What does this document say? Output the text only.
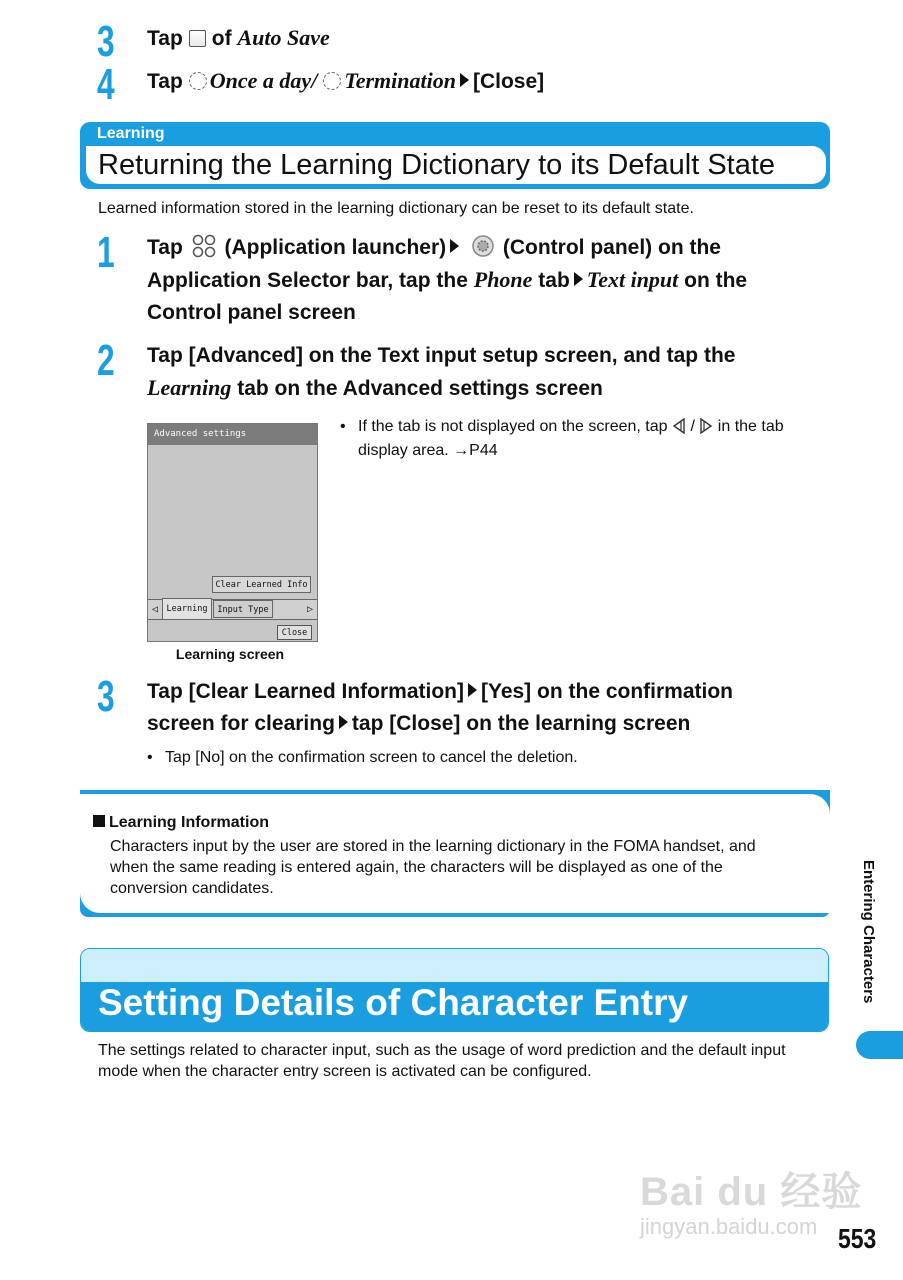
3 Tap of Auto Save
4 Tap Once a day/ Termination [Close]
Learning
Returning the Learning Dictionary to its Default State
Learned information stored in the learning dictionary can be reset to its default state.
1 Tap (Application launcher)	(Control panel) on the
Application Selector bar, tap the Phone tab Text input on the
Control panel screen
2 Tap [Advanced] on the Text input setup screen, and tap the
Learning tab on the Advanced settings screen
Advanced settings
Clear Learned Info
◁	Learning	Input Type	▷
Close
Learning screen
• If the tab is not displayed on the screen, tap / in the tab
display area. →P44
3 Tap [Clear Learned Information] [Yes] on the confirmation
screen for clearing tap [Close] on the learning screen
• Tap [No] on the confirmation screen to cancel the deletion.
Learning Information
Characters input by the user are stored in the learning dictionary in the FOMA handset, and
when the same reading is entered again, the characters will be displayed as one of the
conversion candidates.
Setting Details of Character Entry
The settings related to character input, such as the usage of word prediction and the default input
mode when the character entry screen is activated can be configured.
Entering Characters
Bai du 经验
jingyan.baidu.com 553
